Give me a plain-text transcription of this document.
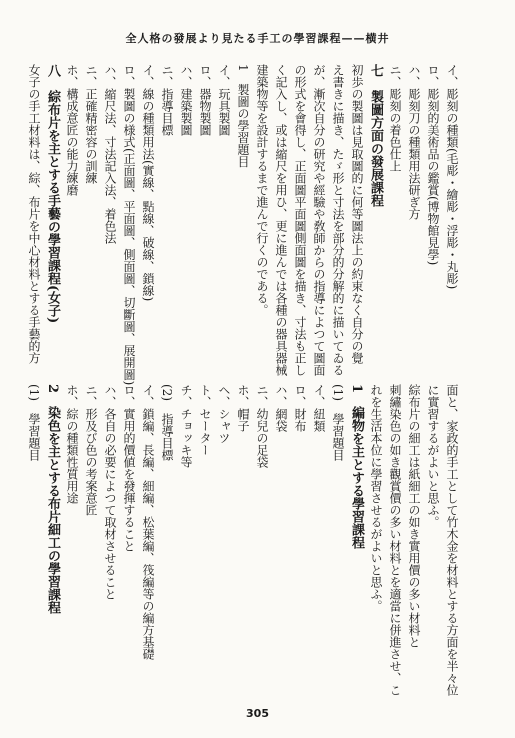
全人格の發展より見たる手工の學習課程——横井
イ、彫刻の種類(毛彫・繪彫・浮彫・丸彫)
ロ、彫刻的美術品の鑑賞(博物館見學)
ハ、彫刻刀の種類用法研ぎ方
ニ、彫刻の着色仕上
七　製圖方面の發展課程
初歩の製圖は見取圖的に何等圖法上の約束なく自分の覺
え書きに描き、たゞ形と寸法を部分的分解的に描いてゐる
が、漸次自分の研究や經驗や敎師からの指導によつて圖面
の形式を會得し、正面圖平面圖側面圖を描き、寸法も正し
く記入し、或は縮尺を用ひ、更に進んでは各種の器具器械
建築物等を設計するまで進んで行くのである。
1　製圖の學習題目
イ、玩具製圖
ロ、器物製圖
ハ、建築製圖
ニ、指導目標
イ、線の種類用法(實線、點線、破線、鎖線)
ロ、製圖の様式(正面圖、平面圖、側面圖、切斷圖、展開圖)
ハ、縮尺法、寸法記入法、着色法
ニ、正確精密容の訓練
ホ、構成意匠の能力練磨
八　綜布片を主とする手藝の學習課程(女子)
女子の手工材料は、綜、布片を中心材料とする手藝的方
面と、家政的手工として竹木金を材料とする方面を半々位
に實習するがよいと思ふ。
綜布片の細工は紙細工の如き實用價の多い材料と
刺繡染色の如き觀賞價の多い材料とを適當に併進させ、こ
れを生活本位に學習させるがよいと思ふ。
1　編物を主とする學習課程
(1)　學習題目
イ、紐類
ロ、財布
ハ、網袋
ニ、幼兒の足袋
ホ、帽子
ヘ、シャツ
ト、セーター
チ、チョッキ等
(2)　指導目標
イ、鎖編、長編、細編、松葉編、筏編等の編方基礎
ロ、實用的價値を發揮すること
ハ、各自の必要によつて取材させること
ニ、形及び色の考案意匠
ホ、綜の種類性質用途
2　染色を主とする布片細工の學習課程
(1)　學習題目
305
